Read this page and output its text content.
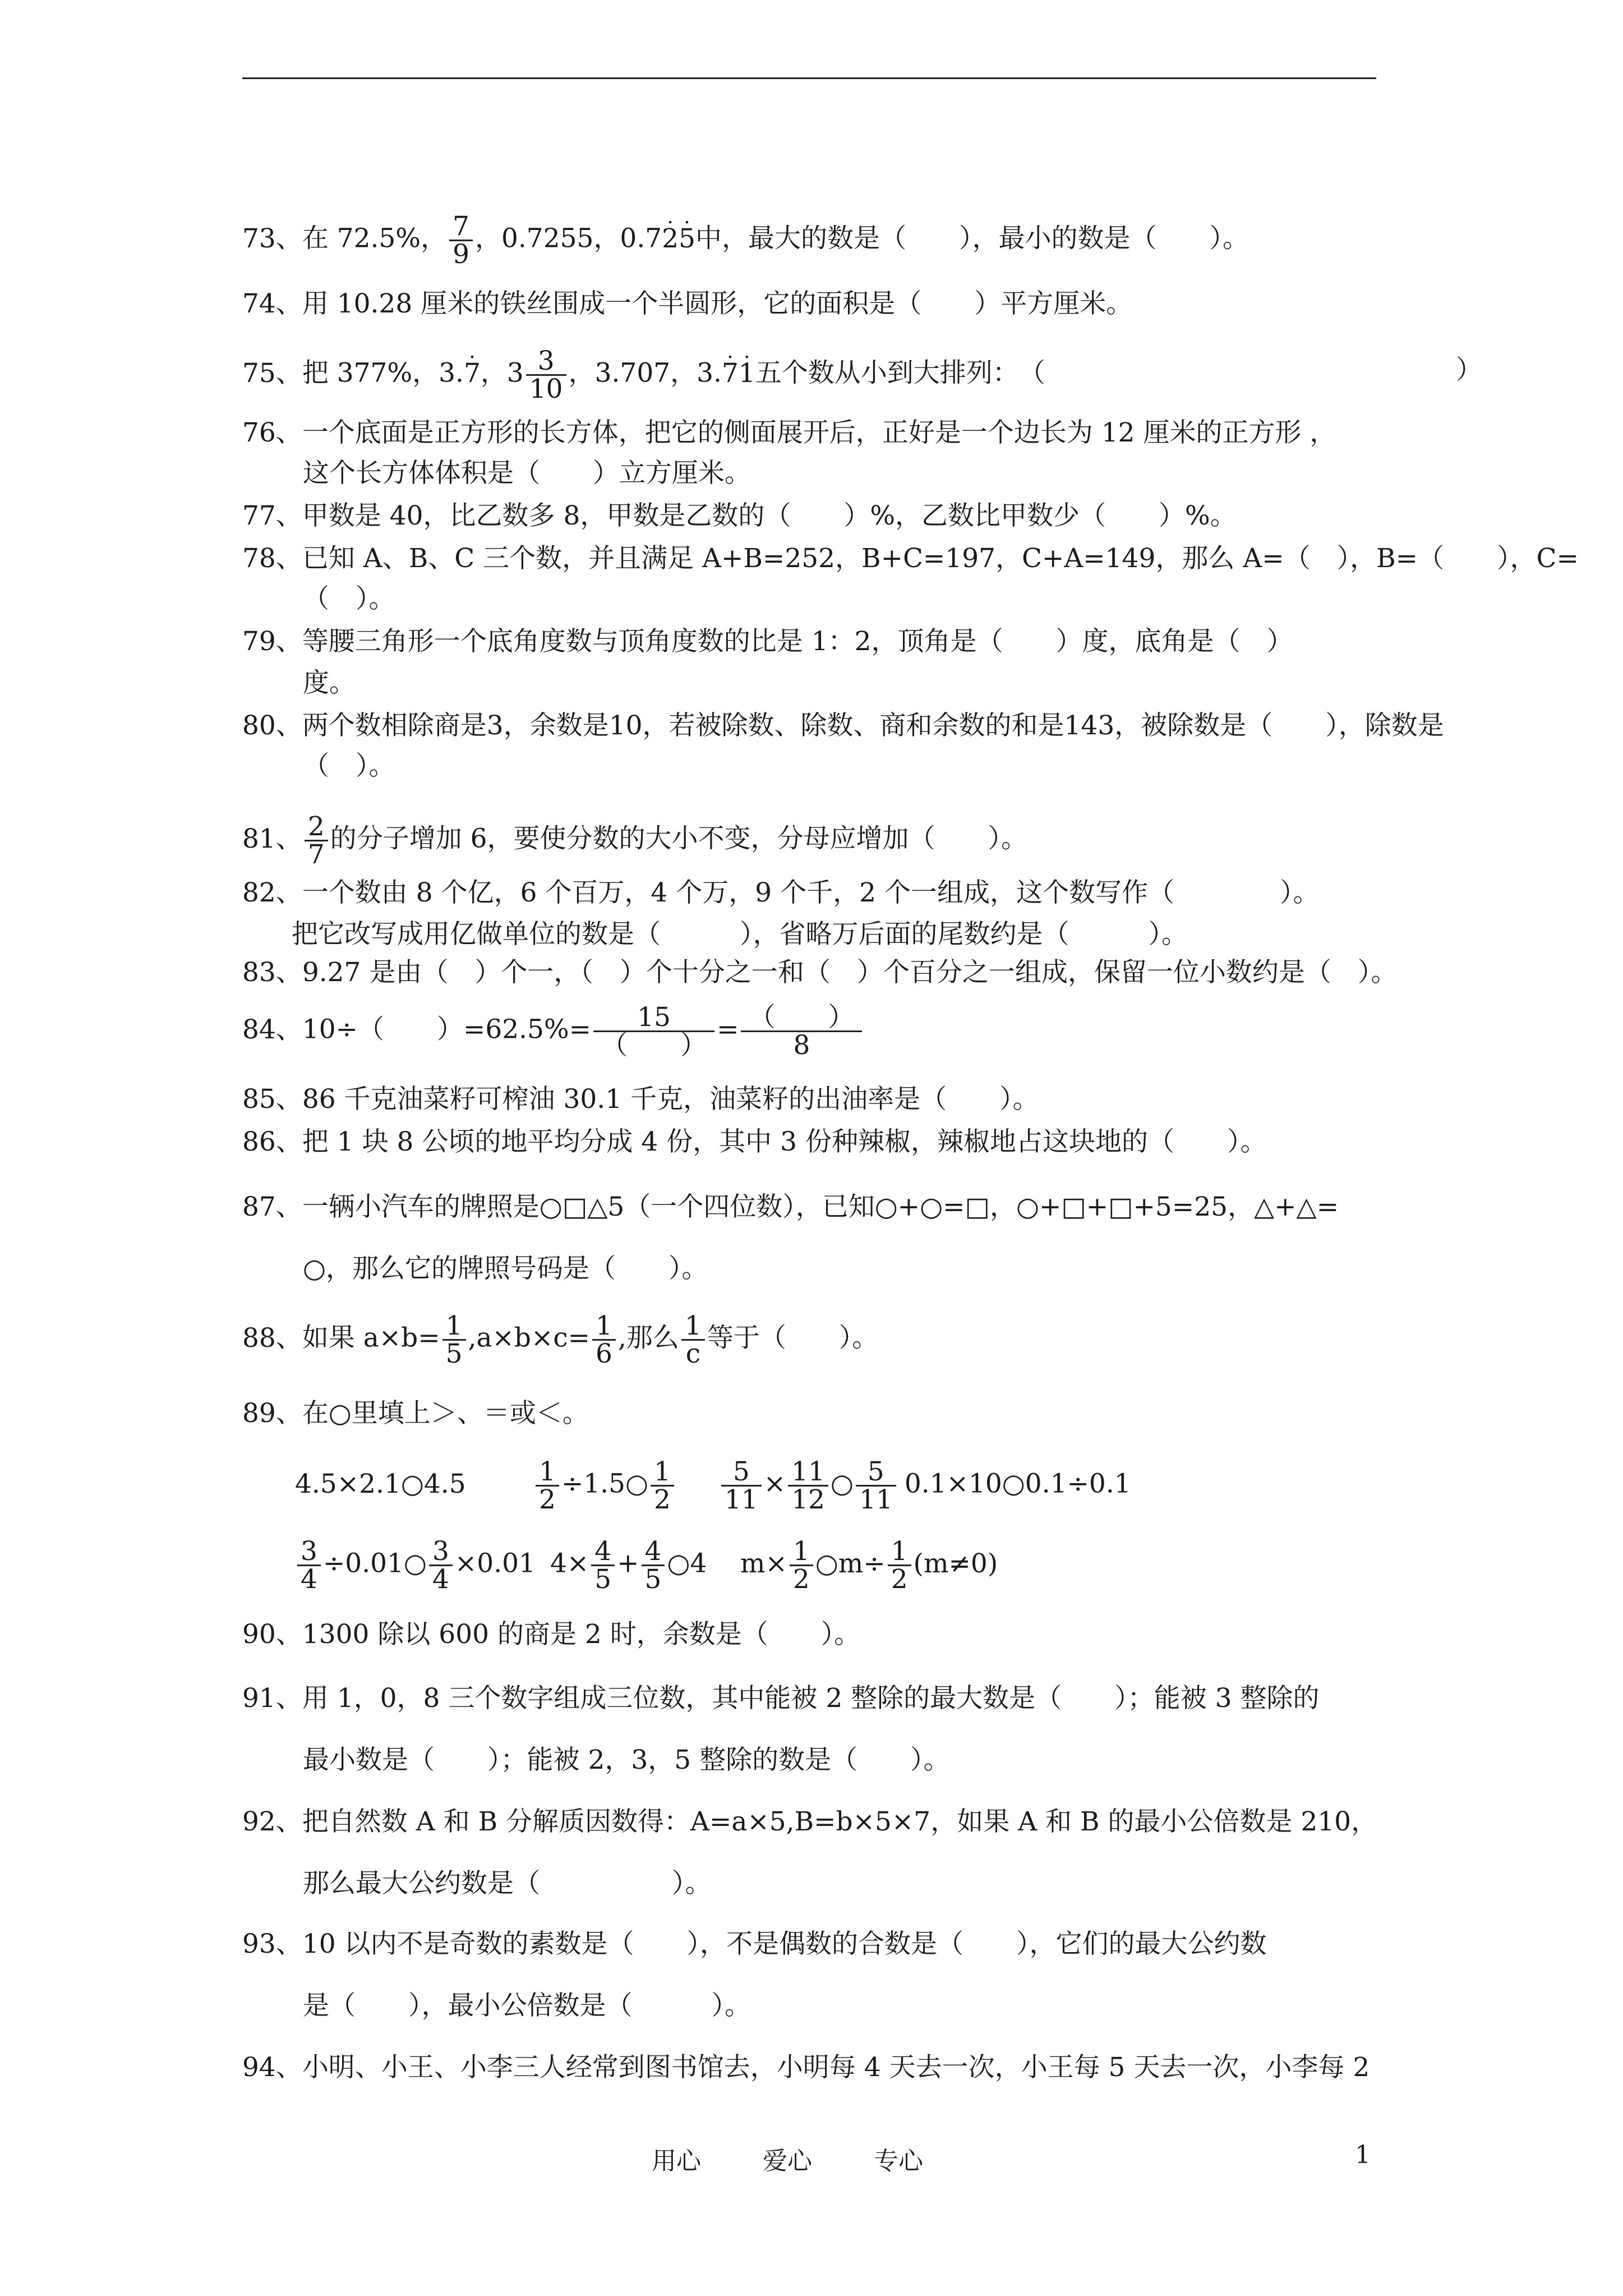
73、在 72.5%， $\frac{7}{9}$ ，0.7255，0.7· 2· 5中，最大的数是（　　），最小的数是（　　）。
74、用 10.28 厘米的铁丝围成一个半圆形，它的面积是（　　）平方厘米。
75、把 377%，3.· 7，$3 \frac{3}{10}$ ，3.707，3.· 7· 1五个数从小到大排列：　（	）
76、一个底面是正方形的长方体，把它的侧面展开后，正好是一个边长为 12 厘米的正方形 ，
这个长方体体积是（　　）立方厘米。
77、甲数是 40，比乙数多 8，甲数是乙数的（　　）%，乙数比甲数少（　　）%。
78、已知 A、B、C 三个数，并且满足 A+B=252，B+C=197，C+A=149，那么 A=（　），B=（　　），C=
（　）。
79、等腰三角形一个底角度数与顶角度数的比是 1：2，顶角是（　　）度，底角是（　）
度。
80、两个数相除商是3，余数是10，若被除数、除数、商和余数的和是143，被除数是（　　），除数是
（　）。
81、 $\frac{2}{7}$ 的分子增加 6，要使分数的大小不变，分母应增加（　　）。
82、一个数由 8 个亿，6 个百万，4 个万，9 个千，2 个一组成，这个数写作（　　　　）。
把它改写成用亿做单位的数是（　　　），省略万后面的尾数约是（　　　）。
83、9.27 是由（　）个一，（　）个十分之一和（　）个百分之一组成，保留一位小数约是（　）。
84、10÷（　　）$=62.5\%= \frac{15}{( )} = \frac{( )}{8}$
85、86 千克油菜籽可榨油 30.1 千克，油菜籽的出油率是（　　）。
86、把 1 块 8 公顷的地平均分成 4 份，其中 3 份种辣椒，辣椒地占这块地的（　　）。
87、一辆小汽车的牌照是○□△5（一个四位数），已知○+○=□，○+□+□+5=25，△+△=
○，那么它的牌照号码是（　　）。
88、如果 $a\times b= \frac{1}{5} ,a\times b\times c= \frac{1}{6}$ ,那么 $\frac{1}{c}$ 等于（　　）。
89、在○里填上＞、＝或＜。
4.5×2.1○4.5	$\frac{1}{2}$ ÷1.5○ $\frac{1}{2}$
$\frac{5}{11} \times \frac{11}{12}$ ○ $\frac{5}{11}$ 0.1×10○0.1÷0.1
$\frac{3}{4}$ ÷0.01○ $\frac{3}{4} \times 0.01$ $4\times \frac{4}{5} + \frac{4}{5}$ ○4 $m\times \frac{1}{2}$ ○m÷ $\frac{1}{2} (m\ne 0)$
90、1300 除以 600 的商是 2 时，余数是（　　）。
91、用 1，0，8 三个数字组成三位数，其中能被 2 整除的最大数是（　　）；能被 3 整除的
最小数是（　　）；能被 2，3，5 整除的数是（　　）。
92、把自然数 A 和 B 分解质因数得：A=a×5,B=b×5×7，如果 A 和 B 的最小公倍数是 210，
那么最大公约数是（　　　　　）。
93、10 以内不是奇数的素数是（　　），不是偶数的合数是（　　），它们的最大公约数
是（　　），最小公倍数是（　　　）。
94、小明、小王、小李三人经常到图书馆去，小明每 4 天去一次，小王每 5 天去一次，小李每 2
用心	爱心	专心	1
